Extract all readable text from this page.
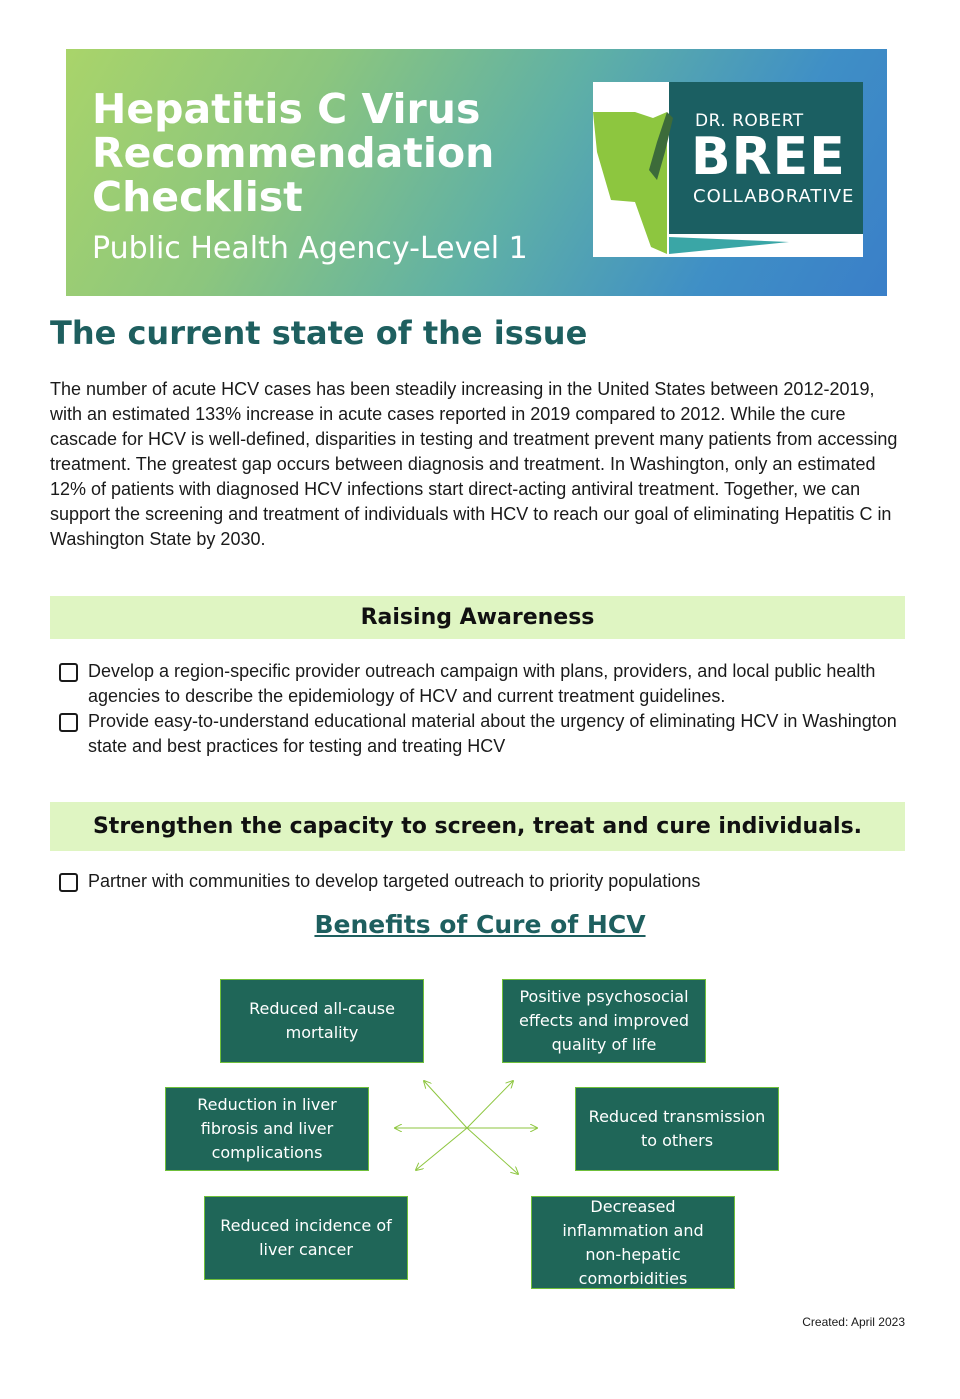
Hepatitis C Virus
Recommendation
Checklist
Public Health Agency-Level 1
DR. ROBERT
BREE
COLLABORATIVE
The current state of the issue

The number of acute HCV cases has been steadily increasing in the United States between 2012-2019, with an estimated 133% increase in acute cases reported in 2019 compared to 2012. While the cure cascade for HCV is well-defined, disparities in testing and treatment prevent many patients from accessing treatment. The greatest gap occurs between diagnosis and treatment. In Washington, only an estimated 12% of patients with diagnosed HCV infections start direct-acting antiviral treatment. Together, we can support the screening and treatment of individuals with HCV to reach our goal of eliminating Hepatitis C in Washington State by 2030.

Raising Awareness
Develop a region-specific provider outreach campaign with plans, providers, and local public health agencies to describe the epidemiology of HCV and current treatment guidelines.
Provide easy-to-understand educational material about the urgency of eliminating HCV in Washington state and best practices for testing and treating HCV
Strengthen the capacity to screen, treat and cure individuals.
Partner with communities to develop targeted outreach to priority populations
Benefits of Cure of HCV
Reduced all-cause mortality
Positive psychosocial effects and improved quality of life
Reduction in liver fibrosis and liver complications
Reduced transmission to others
Reduced incidence of liver cancer
Decreased inflammation and non-hepatic comorbidities
Created: April 2023
